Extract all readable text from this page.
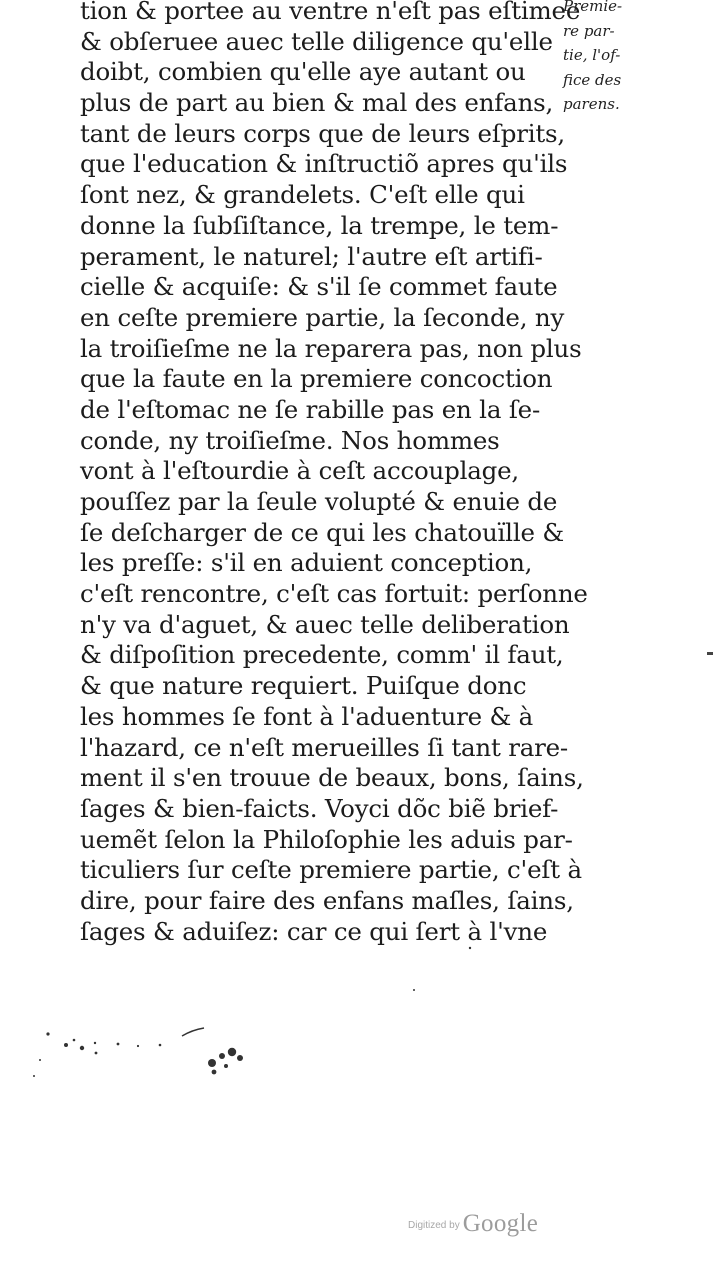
tion & portee au ventre n'eſt pas eſtimee
& obſeruee auec telle diligence qu'elle
doibt, combien qu'elle aye autant ou
plus de part au bien & mal des enfans,
tant de leurs corps que de leurs eſprits,
que l'education & inſtructiõ apres qu'ils
ſont nez, & grandelets. C'eſt elle qui
donne la ſubſiſtance, la trempe, le tem-
perament, le naturel; l'autre eſt artifi-
cielle & acquiſe: & s'il ſe commet faute
en ceſte premiere partie, la ſeconde, ny
la troiſieſme ne la reparera pas, non plus
que la faute en la premiere concoction
de l'eſtomac ne ſe rabille pas en la ſe-
conde, ny troiſieſme. Nos hommes
vont à l'eſtourdie à ceſt accouplage,
pouſſez par la ſeule volupté & enuie de
ſe deſcharger de ce qui les chatouïlle &
les preſſe: s'il en aduient conception,
c'eſt rencontre, c'eſt cas fortuit: perſonne
n'y va d'aguet, & auec telle deliberation
& diſpoſition precedente, comm' il faut,
& que nature requiert. Puiſque donc
les hommes ſe font à l'aduenture & à
l'hazard, ce n'eſt merueilles ſi tant rare-
ment il s'en trouue de beaux, bons, ſains,
ſages & bien-faicts. Voyci dõc biẽ brief-
uemẽt ſelon la Philoſophie les aduis par-
ticuliers ſur ceſte premiere partie, c'eſt à
dire, pour faire des enfans maſles, ſains,
ſages & aduiſez: car ce qui ſert à l'vne
Premie-
re par-
tie, l'of-
fice des
parens.
Digitized by Google
